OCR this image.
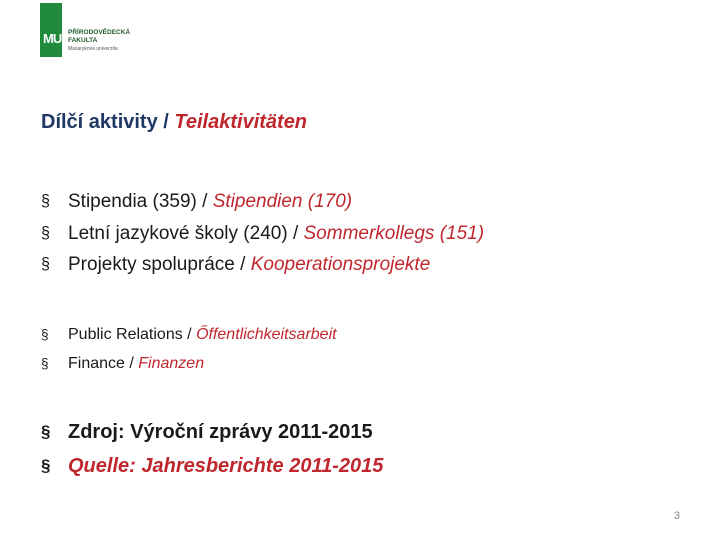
MU PŘÍRODOVĚDECKÁ
FAKULTA
Masarykova univerzita
Dílčí aktivity / Teilaktivitäten
§ Stipendia (359) / Stipendien (170)
§ Letní jazykové školy (240) / Sommerkollegs (151)
§ Projekty spolupráce / Kooperationsprojekte
§ Public Relations / Őffentlichkeitsarbeit
§ Finance / Finanzen
§ Zdroj: Výroční zprávy 2011-2015
§ Quelle: Jahresberichte 2011-2015
3
